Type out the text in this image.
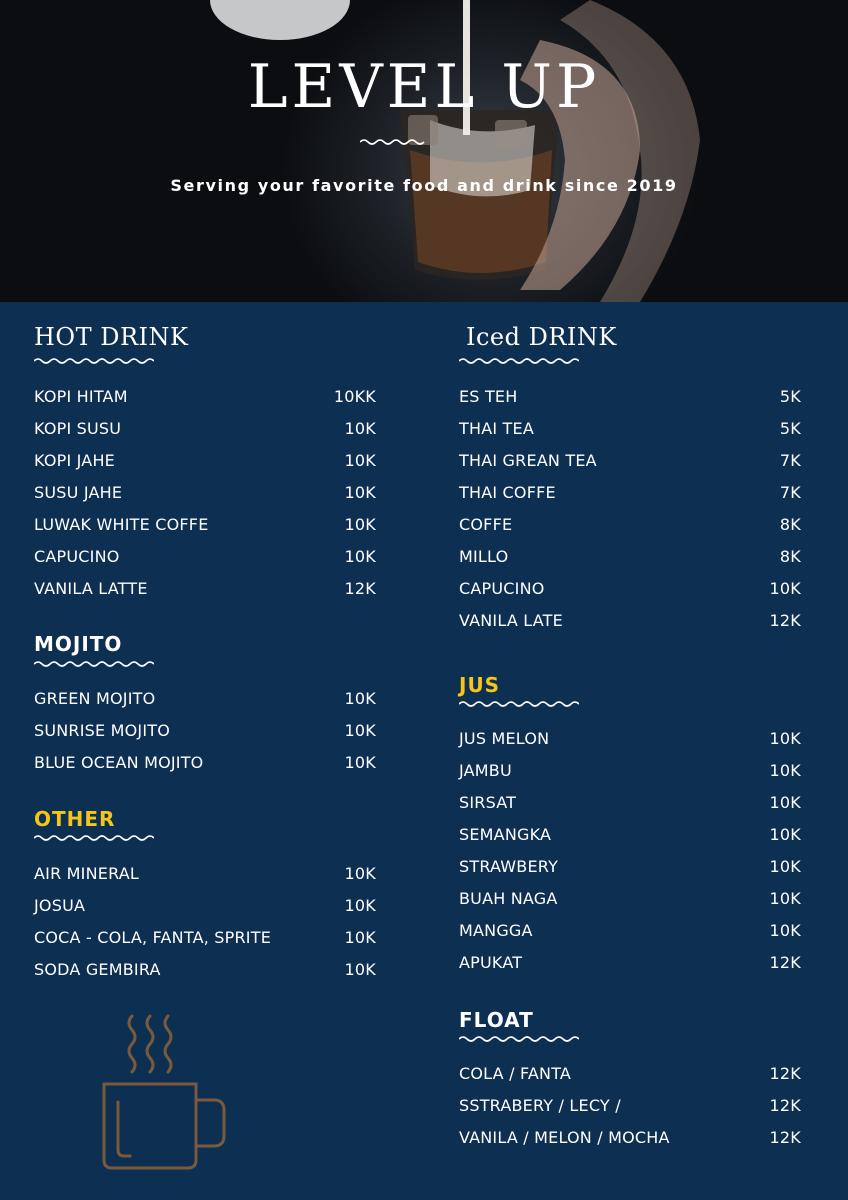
LEVEL UP
Serving your favorite food and drink since 2019
HOT DRINK
KOPI HITAM	10KK
KOPI SUSU	10K
KOPI JAHE	10K
SUSU JAHE	10K
LUWAK WHITE COFFE	10K
CAPUCINO	10K
VANILA LATTE	12K
MOJITO
GREEN MOJITO	10K
SUNRISE MOJITO	10K
BLUE OCEAN MOJITO	10K
OTHER
AIR MINERAL	10K
JOSUA	10K
COCA - COLA, FANTA, SPRITE	10K
SODA GEMBIRA	10K
Iced DRINK
ES TEH	5K
THAI TEA	5K
THAI GREAN TEA	7K
THAI COFFE	7K
COFFE	8K
MILLO	8K
CAPUCINO	10K
VANILA LATE	12K
JUS
JUS MELON	10K
JAMBU	10K
SIRSAT	10K
SEMANGKA	10K
STRAWBERY	10K
BUAH NAGA	10K
MANGGA	10K
APUKAT	12K
FLOAT
COLA / FANTA	12K
SSTRABERY / LECY /	12K
VANILA / MELON / MOCHA	12K
